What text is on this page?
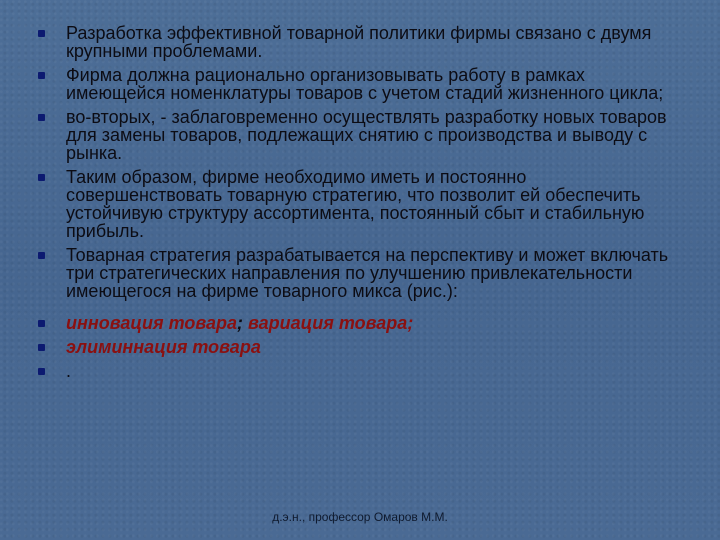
Разработка эффективной товарной политики фирмы связано с двумя крупными проблемами.
Фирма должна рационально организовывать работу в рамках имеющейся номенклатуры товаров с учетом стадий жизненного цикла;
во-вторых, - заблаговременно осуществлять разработку новых товаров для замены товаров, подлежащих снятию с производства и выводу с рынка.
Таким образом, фирме необходимо иметь и постоянно совершенствовать товарную стратегию, что позволит ей обеспечить устойчивую структуру ассортимента, постоянный сбыт и стабильную прибыль.
Товарная стратегия разрабатывается на перспективу и может включать три стратегических направления по улучшению привлекательности имеющегося на фирме товарного микса (рис.):
инновация товара; вариация товара;
элиминнация товара
.
д.э.н., профессор Омаров М.М.
